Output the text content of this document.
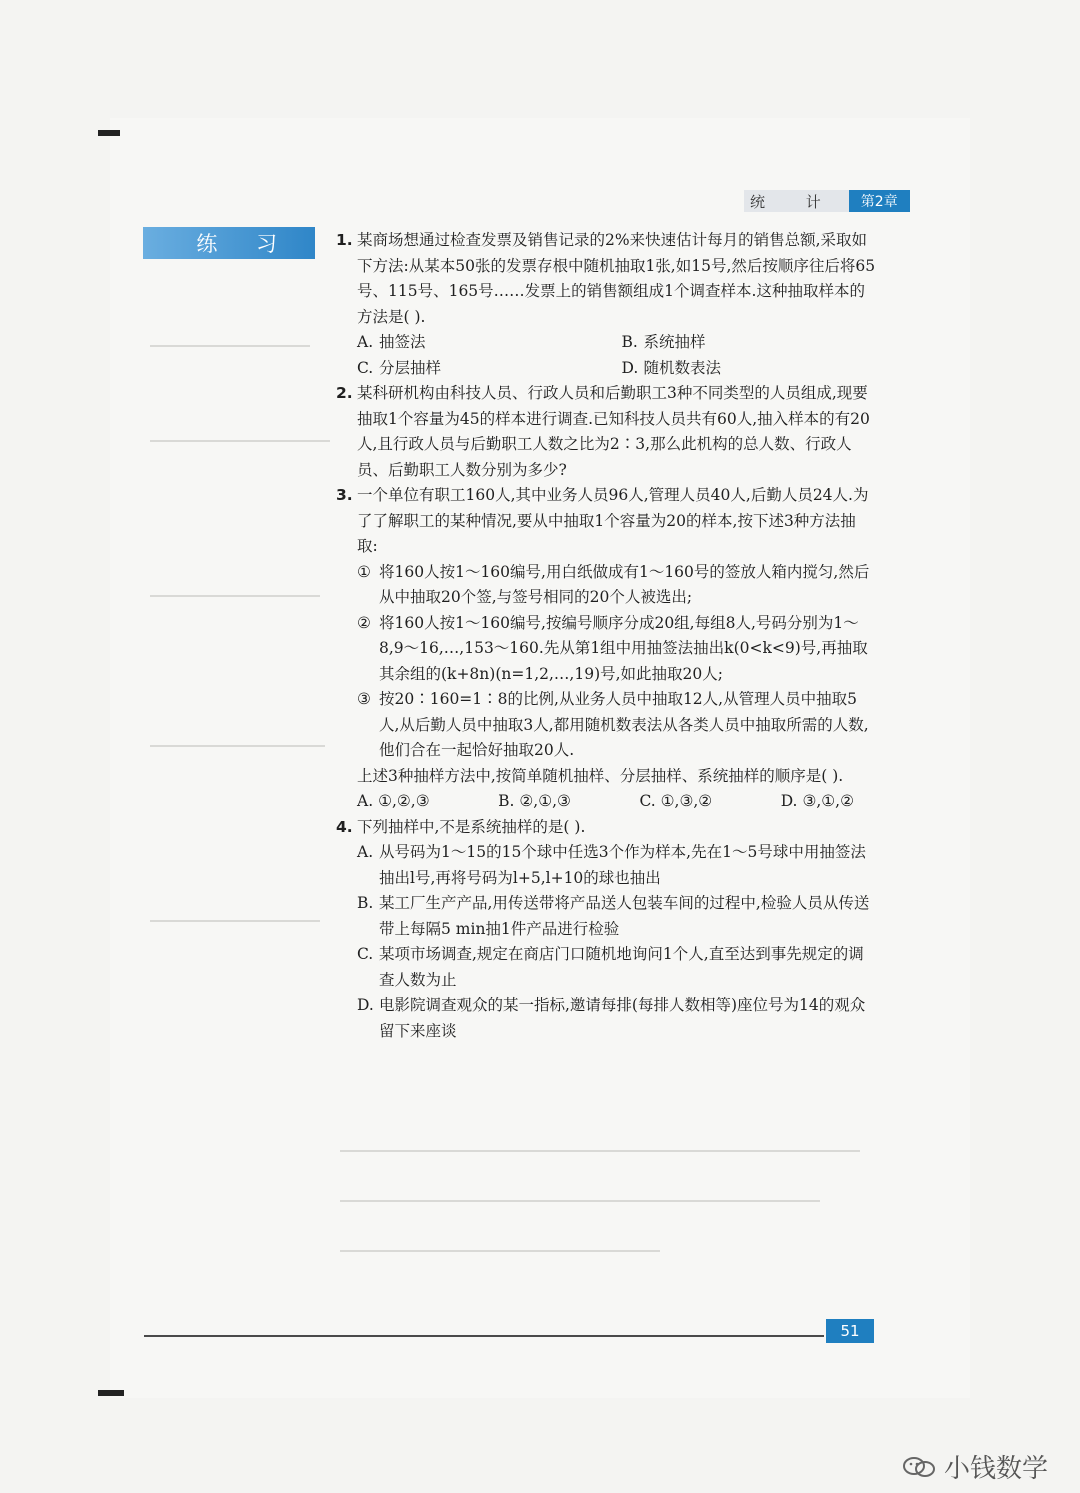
统 计	第2章
练 习	1 . 某商场想通过检查发票及销售记录的2%来快速估计每月的销售总额,采取如下方法:从某本50张的发票存根中随机抽取1张,如15号,然后按顺序往后将65号、115号、165号……发票上的销售额组成1个调查样本.这种抽取样本的方法是( ).
A. 抽签法	B. 系统抽样
C. 分层抽样	D. 随机数表法
2 . 某科研机构由科技人员、行政人员和后勤职工3种不同类型的人员组成,现要抽取1个容量为45的样本进行调查.已知科技人员共有60人,抽入样本的有20人,且行政人员与后勤职工人数之比为2∶3,那么此机构的总人数、行政人员、后勤职工人数分别为多少?
3 . 一个单位有职工160人,其中业务人员96人,管理人员40人,后勤人员24人.为了了解职工的某种情况,要从中抽取1个容量为20的样本,按下述3种方法抽取:
① 将160人按1～160编号,用白纸做成有1～160号的签放人箱内搅匀,然后从中抽取20个签,与签号相同的20个人被选出;
② 将160人按1～160编号,按编号顺序分成20组,每组8人,号码分别为1～8,9～16,…,153～160.先从第1组中用抽签法抽出k(0<k<9)号,再抽取其余组的(k+8n)(n=1,2,…,19)号,如此抽取20人;
③ 按20∶160=1∶8的比例,从业务人员中抽取12人,从管理人员中抽取5人,从后勤人员中抽取3人,都用随机数表法从各类人员中抽取所需的人数,他们合在一起恰好抽取20人.
上述3种抽样方法中,按简单随机抽样、分层抽样、系统抽样的顺序是( ).
A. ①,②,③	B. ②,①,③	C. ①,③,②	D. ③,①,②
4 . 下列抽样中,不是系统抽样的是( ).
A. 从号码为1～15的15个球中任选3个作为样本,先在1～5号球中用抽签法抽出l号,再将号码为l+5,l+10的球也抽出
B. 某工厂生产产品,用传送带将产品送人包装车间的过程中,检验人员从传送带上每隔5 min抽1件产品进行检验
C. 某项市场调查,规定在商店门口随机地询问1个人,直至达到事先规定的调查人数为止
D. 电影院调查观众的某一指标,邀请每排(每排人数相等)座位号为14的观众留下来座谈
51
小钱数学
